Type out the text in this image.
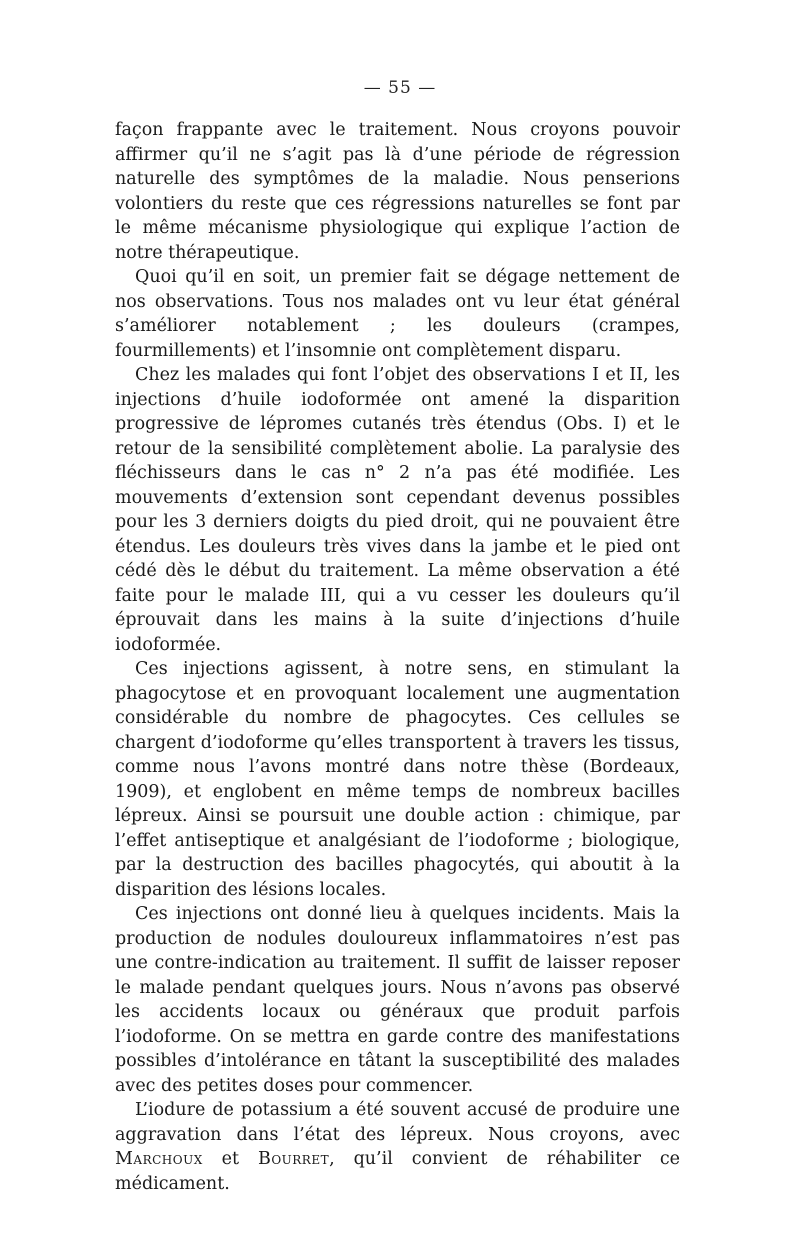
— 55 —

façon frappante avec le traitement. Nous croyons pouvoir affirmer qu’il ne s’agit pas là d’une période de régression naturelle des symptômes de la maladie. Nous penserions volontiers du reste que ces régressions naturelles se font par le même mécanisme physiologique qui explique l’action de notre thérapeutique.

Quoi qu’il en soit, un premier fait se dégage nettement de nos observations. Tous nos malades ont vu leur état général s’améliorer notablement ; les douleurs (crampes, fourmillements) et l’insomnie ont complètement disparu.

Chez les malades qui font l’objet des observations I et II, les injections d’huile iodoformée ont amené la disparition progressive de lépromes cutanés très étendus (Obs. I) et le retour de la sensibilité complètement abolie. La paralysie des fléchisseurs dans le cas n° 2 n’a pas été modifiée. Les mouvements d’extension sont cependant devenus possibles pour les 3 derniers doigts du pied droit, qui ne pouvaient être étendus. Les douleurs très vives dans la jambe et le pied ont cédé dès le début du traitement. La même observation a été faite pour le malade III, qui a vu cesser les douleurs qu’il éprouvait dans les mains à la suite d’injections d’huile iodoformée.

Ces injections agissent, à notre sens, en stimulant la phagocytose et en provoquant localement une augmentation considérable du nombre de phagocytes. Ces cellules se chargent d’iodoforme qu’elles transportent à travers les tissus, comme nous l’avons montré dans notre thèse (Bordeaux, 1909), et englobent en même temps de nombreux bacilles lépreux. Ainsi se poursuit une double action : chimique, par l’effet antiseptique et analgésiant de l’iodoforme ; biologique, par la destruction des bacilles phagocytés, qui aboutit à la disparition des lésions locales.

Ces injections ont donné lieu à quelques incidents. Mais la production de nodules douloureux inflammatoires n’est pas une contre-indication au traitement. Il suffit de laisser reposer le malade pendant quelques jours. Nous n’avons pas observé les accidents locaux ou généraux que produit parfois l’iodoforme. On se mettra en garde contre des manifestations possibles d’intolérance en tâtant la susceptibilité des malades avec des petites doses pour commencer.

L’iodure de potassium a été souvent accusé de produire une aggravation dans l’état des lépreux. Nous croyons, avec Marchoux et Bourret, qu’il convient de réhabiliter ce médicament.
